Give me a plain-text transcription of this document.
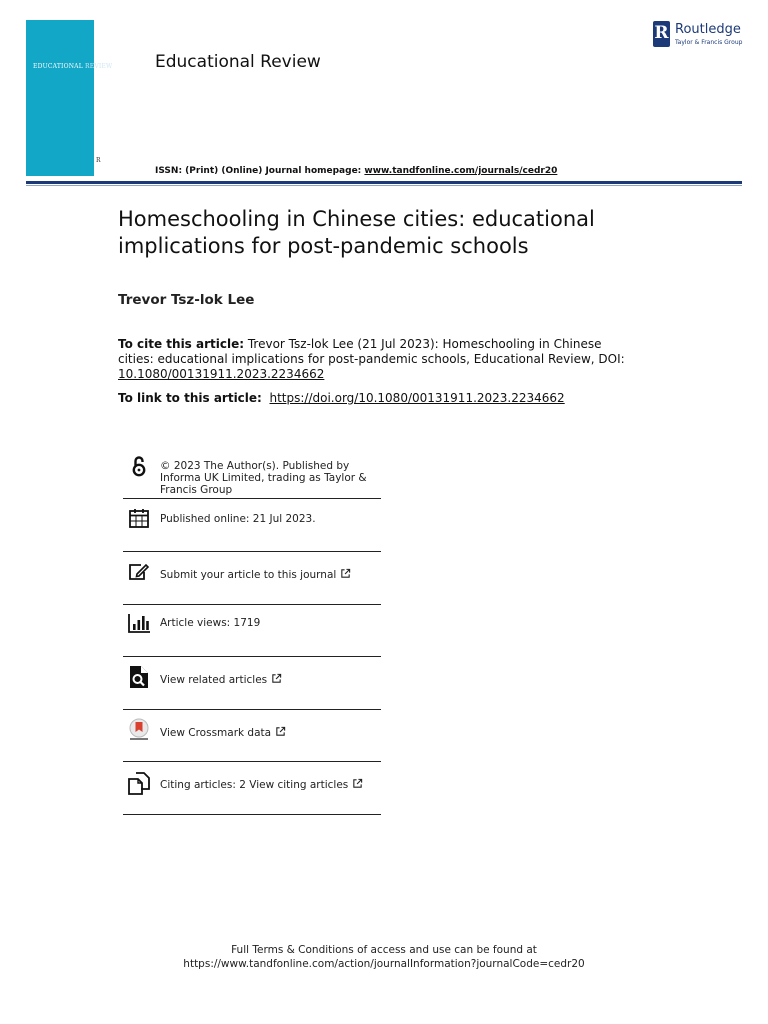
EDUCATIONAL REVIEW
R
Educational Review
ISSN: (Print) (Online) Journal homepage: www.tandfonline.com/journals/cedr20
R Routledge
Taylor & Francis Group
Homeschooling in Chinese cities: educational
implications for post-pandemic schools
Trevor Tsz-lok Lee
To cite this article: Trevor Tsz-lok Lee (21 Jul 2023): Homeschooling in Chinese cities: educational implications for post-pandemic schools, Educational Review, DOI: 10.1080/00131911.2023.2234662
To link to this article: https://doi.org/10.1080/00131911.2023.2234662
© 2023 The Author(s). Published by Informa UK Limited, trading as Taylor & Francis Group
Published online: 21 Jul 2023.
Submit your article to this journal
Article views: 1719
View related articles
View Crossmark data
Citing articles: 2 View citing articles
Full Terms & Conditions of access and use can be found at
https://www.tandfonline.com/action/journalInformation?journalCode=cedr20
